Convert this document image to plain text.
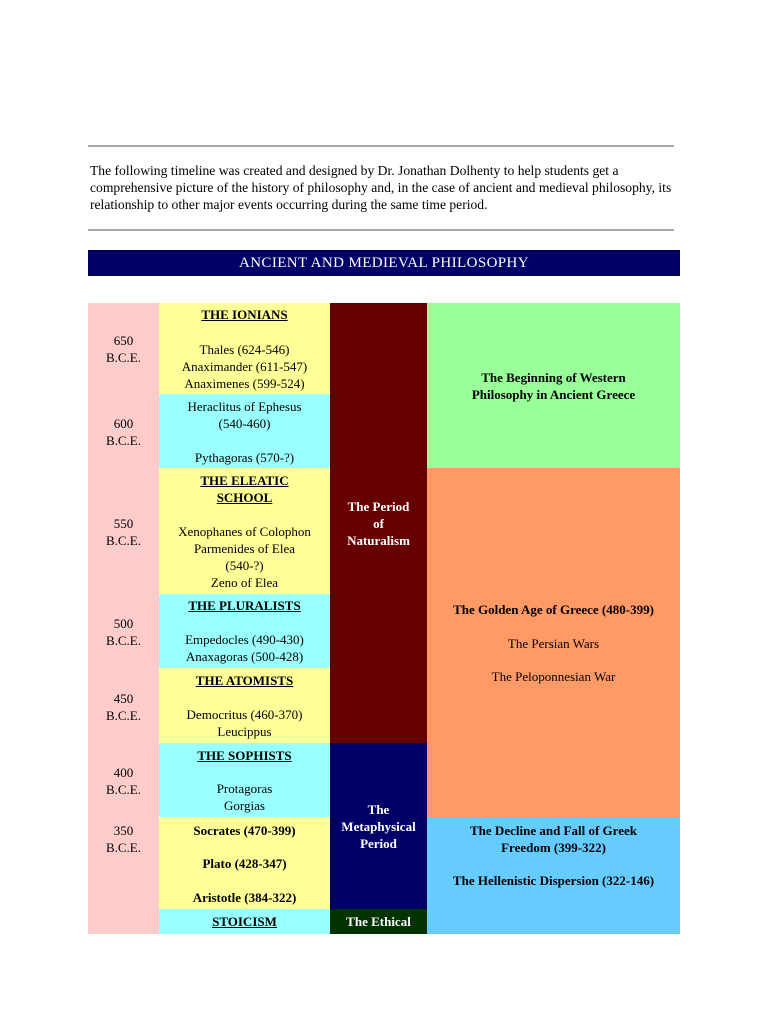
The following timeline was created and designed by Dr. Jonathan Dolhenty to help students get a comprehensive picture of the history of philosophy and, in the case of ancient and medieval philosophy, its relationship to other major events occurring during the same time period.
ANCIENT AND MEDIEVAL PHILOSOPHY
650
B.C.E.
600
B.C.E.
550
B.C.E.
500
B.C.E.
450
B.C.E.
400
B.C.E.
350
B.C.E.
THE IONIANS
Thales (624-546)
Anaximander (611-547)
Anaximenes (599-524)
Heraclitus of Ephesus
(540-460)
Pythagoras (570-?)
THE ELEATIC
SCHOOL
Xenophanes of Colophon
Parmenides of Elea
(540-?)
Zeno of Elea
THE PLURALISTS
Empedocles (490-430)
Anaxagoras (500-428)
THE ATOMISTS
Democritus (460-370)
Leucippus
THE SOPHISTS
Protagoras
Gorgias
Socrates (470-399)
Plato (428-347)
Aristotle (384-322)
STOICISM
The Period
of
Naturalism
The
Metaphysical
Period
The Ethical
The Beginning of Western
Philosophy in Ancient Greece
The Golden Age of Greece (480-399)
The Persian Wars
The Peloponnesian War
The Decline and Fall of Greek
Freedom (399-322)
The Hellenistic Dispersion (322-146)
